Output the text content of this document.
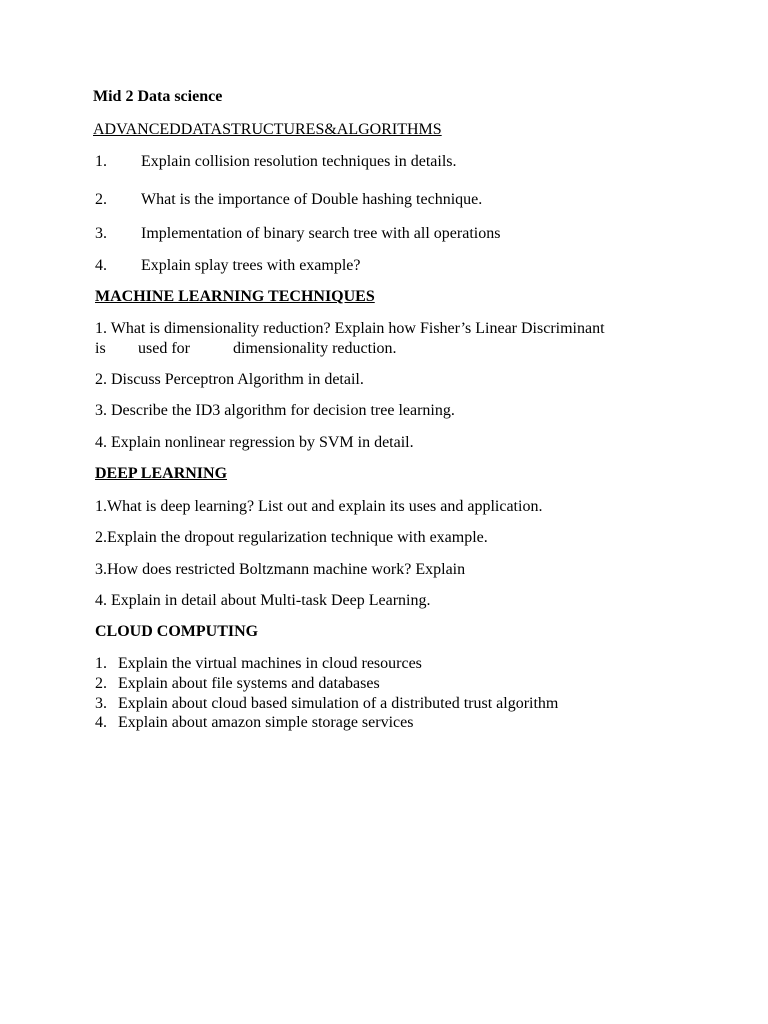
Mid 2 Data science
ADVANCEDDATASTRUCTURES&ALGORITHMS
1. Explain collision resolution techniques in details.
2. What is the importance of Double hashing technique.
3. Implementation of binary search tree with all operations
4. Explain splay trees with example?
MACHINE LEARNING TECHNIQUES
1. What is dimensionality reduction? Explain how Fisher’s Linear Discriminant
is used for	dimensionality reduction.
2. Discuss Perceptron Algorithm in detail.
3. Describe the ID3 algorithm for decision tree learning.
4. Explain nonlinear regression by SVM in detail.
DEEP LEARNING
1.What is deep learning? List out and explain its uses and application.
2.Explain the dropout regularization technique with example.
3.How does restricted Boltzmann machine work? Explain
4. Explain in detail about Multi-task Deep Learning.
CLOUD COMPUTING
1. Explain the virtual machines in cloud resources
2. Explain about file systems and databases
3. Explain about cloud based simulation of a distributed trust algorithm
4. Explain about amazon simple storage services
